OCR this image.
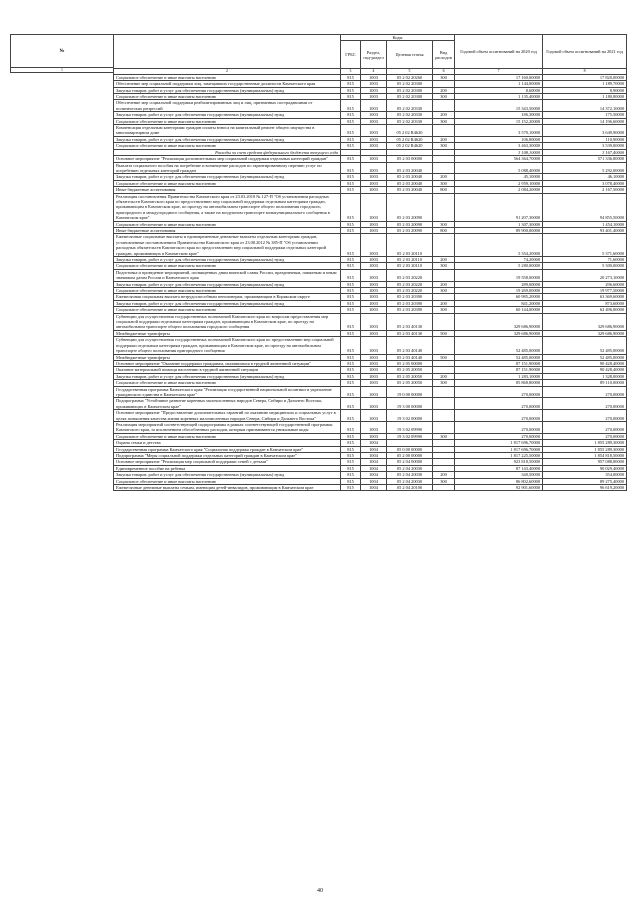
№
1
	Коды				Годовой объем ассигнований на 2020 год	Годовой объем ассигнований на 2021 год
	ГРБС	Раздел, под-раздел	Целевая статья	Вид расходов		
2	3	4	5	6	7	8
Социальное обеспечение и иные выплаты населению	815	1003	05 2 02 20260	300	17 160,00000	17 820,00000
Обеспечение мер социальной поддержки лиц, замещавших государственные должности Камчатского края	815	1003	05 2 02 20300		1 144,00000	1 189,70000
Закупка товаров, работ и услуг для обеспечения государственных (муниципальных) нужд	815	1003	05 2 02 20300	200	8,60000	8,90000
Социальное обеспечение и иные выплаты населению	815	1003	05 2 02 20300	300	1 135,40000	1 180,80000
Обеспечение мер социальной поддержки реабилитированных лиц и лиц, признанных пострадавшими от политических репрессий	815	1003	05 2 02 20330		15 343,50000	14 372,10000
Закупка товаров, работ и услуг для обеспечения государственных (муниципальных) нужд	815	1003	05 2 02 20330	200	186,30000	175,50000
Социальное обеспечение и иные выплаты населению	815	1003	05 2 02 20330	300	15 152,20000	14 196,60000
Компенсация отдельным категориям граждан оплаты взноса на капитальный ремонт общего имущества в многоквартирном доме	815	1003	05 2 02 R4620		3 570,10000	3 649,90000
Закупка товаров, работ и услуг для обеспечения государственных (муниципальных) нужд	815	1003	05 2 02 R4620	200	106,80000	110,90000
Социальное обеспечение и иные выплаты населению	815	1003	05 2 02 R4620	300	3 463,30000	3 539,00000
Расходы за счет средств федерального бюджета текущего года					3 108,10000	3 167,40000
Основное мероприятие "Реализация дополнительных мер социальной поддержки отдельных категорий граждан"	815	1003	05 2 03 00000		564 364,70000	571 336,80000
Выплата социального пособия на погребение и возмещение расходов по гарантированному перечню услуг по погребению отдельных категорий граждан	815	1003	05 2 03 20040		5 088,40000	5 292,00000
Закупка товаров, работ и услуг для обеспечения государственных (муниципальных) нужд	815	1003	05 2 03 20040	200	45,10000	46,10000
Социальное обеспечение и иные выплаты населению	815	1003	05 2 03 20040	300	2 959,10000	3 078,40000
Иные бюджетные ассигнования	815	1003	05 2 03 20040	800	2 084,20000	2 167,50000
Реализация постановления Правительства Камчатского края от 23.03.2010 № 127-П "Об установлении расходных обязательств Камчатского края по предоставлению мер социальной поддержки отдельным категориям граждан, проживающим в Камчатском крае, по проезду на автомобильном транспорте общего пользования городского, пригородного и междугородного сообщения, а также на воздушном транспорте межмуниципального сообщения в Камчатском крае"	815	1003	05 2 03 20090		91 207,30000	94 855,50000
Социальное обеспечение и иные выплаты населению	815	1003	05 2 03 20090	300	1 307,30000	1 454,10000
Иные бюджетные ассигнования	815	1003	05 2 03 20090	800	89 900,00000	93 401,40000
Ежемесячные социальные выплаты и единовременные денежные выплаты отдельным категориям граждан, установленные постановлением Правительства Камчатского края от 23.08.2012 № 385-П "Об установлении расходных обязательств Камчатского края по предоставлению мер социальной поддержки отдельных категорий граждан, проживающих в Камчатском крае"	815	1003	05 2 03 20110		5 354,20000	5 371,60000
Закупка товаров, работ и услуг для обеспечения государственных (муниципальных) нужд	815	1003	05 2 03 20110	200	74,20000	71,60000
Социальное обеспечение и иные выплаты населению	815	1003	05 2 03 20110	300	5 280,00000	5 300,00000
Подготовка и проведение мероприятий, посвященных дням воинской славы России, праздничным, памятным и иным значимым датам России и Камчатского края	815	1003	05 2 03 20220		19 558,00000	20 273,10000
Закупка товаров, работ и услуг для обеспечения государственных (муниципальных) нужд	815	1003	05 2 03 20220	200	289,00000	296,60000
Социальное обеспечение и иные выплаты населению	815	1003	05 2 03 20220	300	19 269,00000	19 977,50000
Ежемесячная социальная выплата нетрудоспособным пенсионерам, проживающим в Корякском округе	815	1003	05 2 03 20390		60 985,20000	63 369,60000
Закупка товаров, работ и услуг для обеспечения государственных (муниципальных) нужд	815	1003	05 2 03 20390	200	841,20000	873,60000
Социальное обеспечение и иные выплаты населению	815	1003	05 2 03 20390	300	60 144,00000	62 496,00000
Субвенции для осуществления государственных полномочий Камчатского края по вопросам предоставления мер социальной поддержки отдельным категориям граждан, проживающим в Камчатском крае, по проезду на автомобильном транспорте общего пользования городского сообщения	815	1003	05 2 03 40130		329 686,90000	329 686,90000
Межбюджетные трансферты	815	1003	05 2 03 40130	500	329 686,90000	329 686,90000
Субвенции для осуществления государственных полномочий Камчатского края по предоставлению мер социальной поддержки отдельным категориям граждан, проживающим в Камчатском крае, по проезду на автомобильном транспорте общего пользования пригородного сообщения	815	1003	05 2 03 40140		52 485,00000	52 485,00000
Межбюджетные трансферты	815	1003	05 2 03 40140	500	52 485,00000	52 485,00000
Основное мероприятие "Оказание поддержки гражданам, оказавшимся в трудной жизненной ситуации"	815	1003	05 2 05 00000		87 151,90000	90 428,40000
Оказание материальной помощи населению в трудной жизненной ситуации	815	1003	05 2 05 20050		87 151,90000	90 428,40000
Закупка товаров, работ и услуг для обеспечения государственных (муниципальных) нужд	815	1003	05 2 05 20050	200	1 283,10000	1 328,00000
Социальное обеспечение и иные выплаты населению	815	1003	05 2 05 20050	300	85 868,80000	89 110,00000
Государственная программа Камчатского края "Реализация государственной национальной политики и укрепление гражданского единства в Камчатском крае"	815	1003	19 0 00 00000		270,00000	270,00000
Подпрограмма "Устойчивое развитие коренных малочисленных народов Севера, Сибири и Дальнего Востока, проживающих в Камчатском крае"	815	1003	19 3 00 00000		270,00000	270,00000
Основное мероприятие "Предоставление дополнительных гарантий по оказанию медицинских и социальных услуг в целях повышения качества жизни коренных малочисленных народов Севера, Сибири и Дальнего Востока"	815	1003	19 3 02 00000		270,00000	270,00000
Реализация мероприятий соответствующей подпрограммы в рамках соответствующей государственной программы Камчатского края, за исключением обособленных расходов, которым присваиваются уникальные коды	815	1003	19 3 02 09990		270,00000	270,00000
Социальное обеспечение и иные выплаты населению	815	1003	19 3 02 09990	300	270,00000	270,00000
Охрана семьи и детства	815	1004			1 817 696,70000	1 855 289,30000
Государственная программа Камчатского края "Социальная поддержка граждан в Камчатском крае"	815	1004	05 0 00 00000		1 817 696,70000	1 855 289,30000
Подпрограмма "Меры социальной поддержки отдельных категорий граждан в Камчатском крае"	815	1004	05 2 00 00000		1 817 225,50000	1 854 818,50000
Основное мероприятие "Реализация мер социальной поддержки семей с детьми"	815	1004	05 2 04 00000		923 818,50000	957 088,80000
Единовременное пособие на ребенка	815	1004	05 2 04 20030		87 143,40000	90 029,40000
Закупка товаров, работ и услуг для обеспечения государственных (муниципальных) нужд	815	1004	05 2 04 20030	200	340,50000	354,00000
Социальное обеспечение и иные выплаты населению	815	1004	05 2 04 20030	300	86 802,60000	89 275,40000
Ежемесячные денежные выплаты семьям, имеющим детей-инвалидов, проживающим в Камчатском крае	815	1004	05 2 04 20100		92 901,60000	96 619,20000
40
